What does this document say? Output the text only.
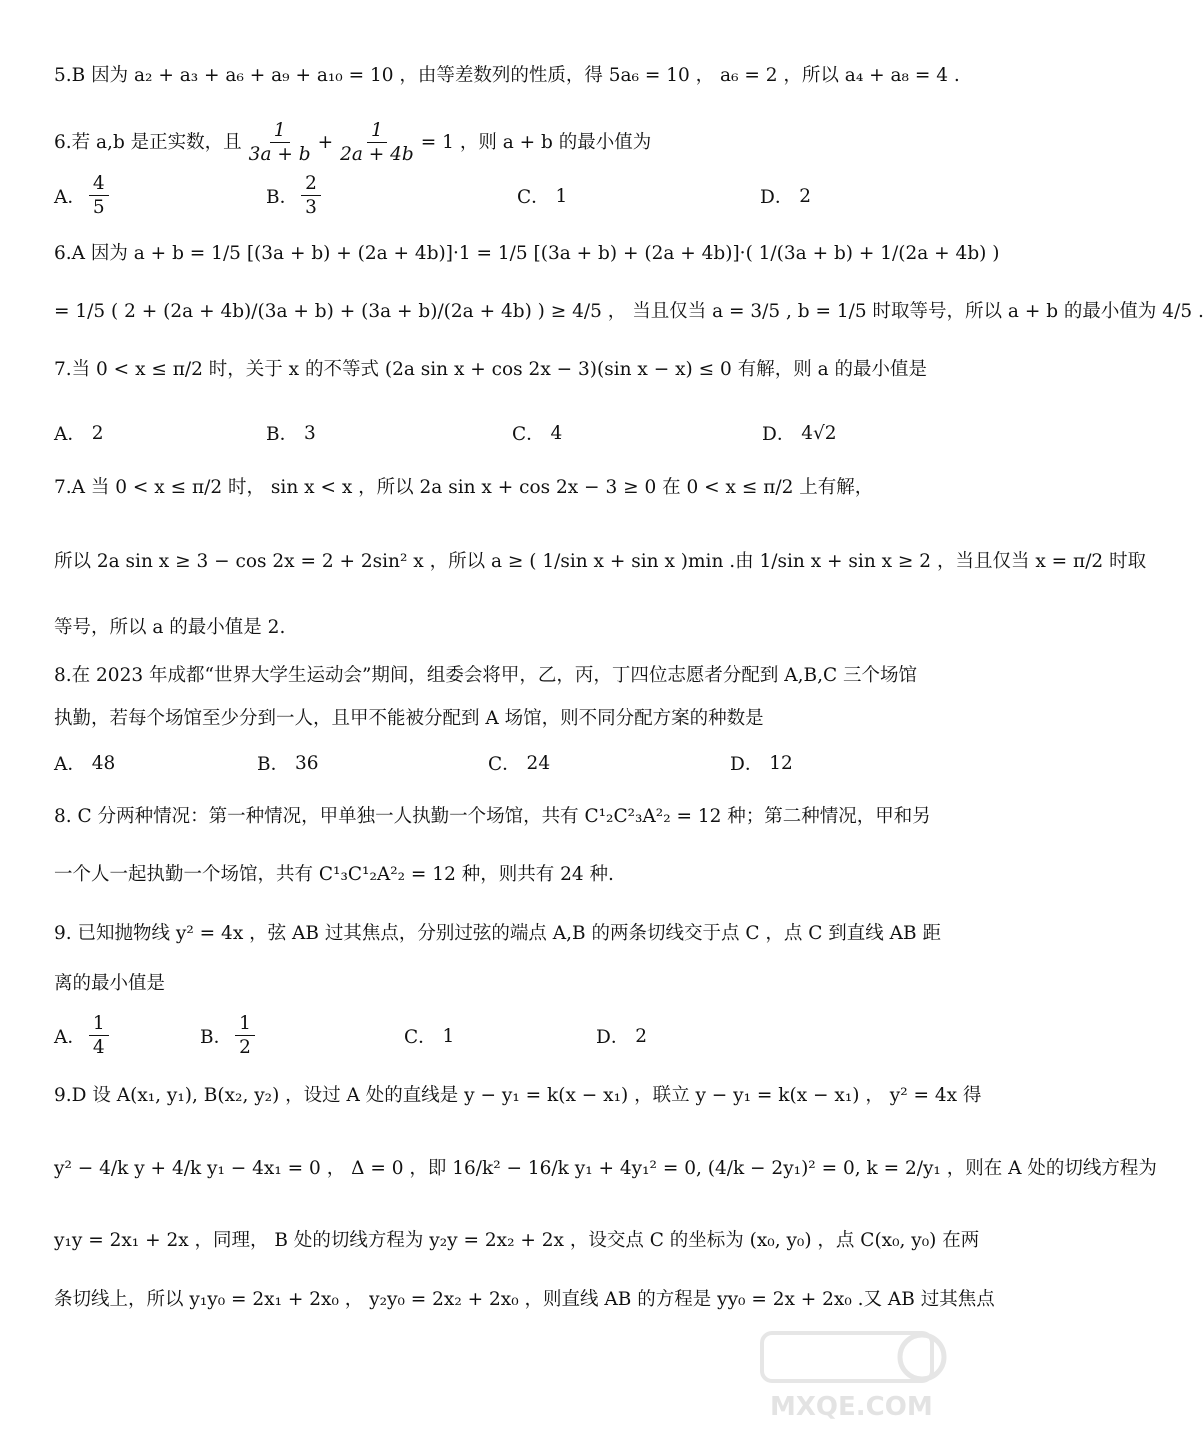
5.B 因为 a₂ + a₃ + a₆ + a₉ + a₁₀ = 10 ，由等差数列的性质，得 5a₆ = 10 ， a₆ = 2 ，所以 a₄ + a₈ = 4 .
6.若 a,b 是正实数，且 $\frac{1}{3a + b} + \frac{1}{2a + 4b} = 1$ ，则 a + b 的最小值为
A． $\frac{4}{5}$	B． $\frac{2}{3}$	C．
1	D．
2
6.A 因为 a + b = 1/5 [(3a + b) + (2a + 4b)]·1 = 1/5 [(3a + b) + (2a + 4b)]·( 1/(3a + b) + 1/(2a + 4b) )
= 1/5 ( 2 + (2a + 4b)/(3a + b) + (3a + b)/(2a + 4b) ) ≥ 4/5 ， 当且仅当 a = 3/5 , b = 1/5 时取等号，所以 a + b 的最小值为 4/5 .
7.当 0 < x ≤ π/2 时，关于 x 的不等式 (2a sin x + cos 2x − 3)(sin x − x) ≤ 0 有解，则 a 的最小值是
A．
2	B．
3	C．
4	D．
4√2
7.A 当 0 < x ≤ π/2 时， sin x < x ，所以 2a sin x + cos 2x − 3 ≥ 0 在 0 < x ≤ π/2 上有解，
所以 2a sin x ≥ 3 − cos 2x = 2 + 2sin² x ，所以 a ≥ ( 1/sin x + sin x )min .由 1/sin x + sin x ≥ 2 ，当且仅当 x = π/2 时取
等号，所以 a 的最小值是 2.
8.在 2023 年成都“世界大学生运动会”期间，组委会将甲，乙，丙，丁四位志愿者分配到 A,B,C 三个场馆
执勤，若每个场馆至少分到一人，且甲不能被分配到 A 场馆，则不同分配方案的种数是
A．
48	B．
36	C．
24	D．
12
8. C 分两种情况：第一种情况，甲单独一人执勤一个场馆，共有 C¹₂C²₃A²₂ = 12 种；第二种情况，甲和另
一个人一起执勤一个场馆，共有 C¹₃C¹₂A²₂ = 12 种，则共有 24 种.
9. 已知抛物线 y² = 4x ，弦 AB 过其焦点，分别过弦的端点 A,B 的两条切线交于点 C ，点 C 到直线 AB 距
离的最小值是
A． $\frac{1}{4}$	B． $\frac{1}{2}$	C．
1	D．
2
9.D 设 A(x₁, y₁), B(x₂, y₂) ，设过 A 处的直线是 y − y₁ = k(x − x₁) ，联立 y − y₁ = k(x − x₁) ， y² = 4x 得
y² − 4/k y + 4/k y₁ − 4x₁ = 0 ， Δ = 0 ，即 16/k² − 16/k y₁ + 4y₁² = 0, (4/k − 2y₁)² = 0, k = 2/y₁ ，则在 A 处的切线方程为
y₁y = 2x₁ + 2x ，同理， B 处的切线方程为 y₂y = 2x₂ + 2x ，设交点 C 的坐标为 (x₀, y₀) ，点 C(x₀, y₀) 在两
条切线上，所以 y₁y₀ = 2x₁ + 2x₀ ， y₂y₀ = 2x₂ + 2x₀ ，则直线 AB 的方程是 yy₀ = 2x + 2x₀ .又 AB 过其焦点
MXQE.COM
